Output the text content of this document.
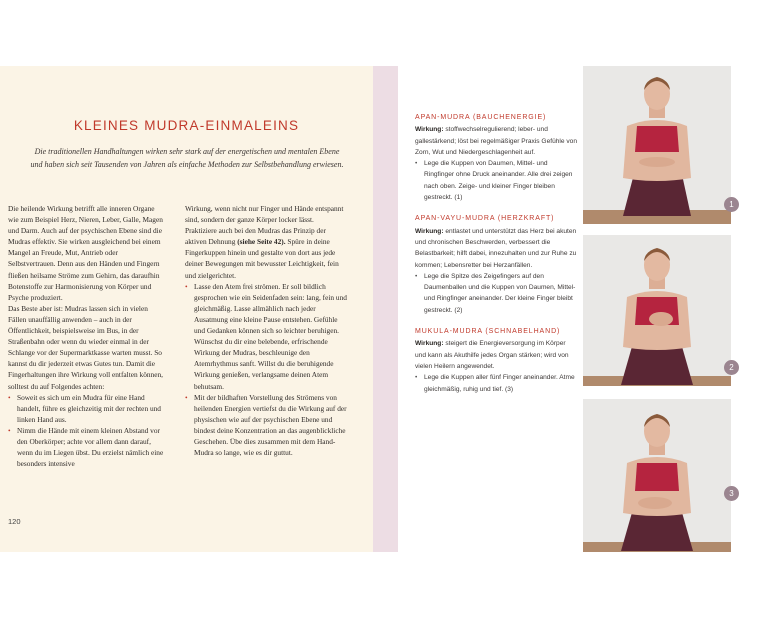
KLEINES MUDRA-EINMALEINS
Die traditionellen Handhaltungen wirken sehr stark auf der energetischen und mentalen Ebene und haben sich seit Tausenden von Jahren als einfache Methoden zur Selbstbehandlung erwiesen.

Die heilende Wirkung betrifft alle inneren Organe wie zum Beispiel Herz, Nieren, Leber, Galle, Magen und Darm. Auch auf der psychischen Ebene sind die Mudras effektiv. Sie wirken ausgleichend bei einem Mangel an Freude, Mut, Antrieb oder Selbstvertrauen. Denn aus den Händen und Fingern fließen heilsame Ströme zum Gehirn, das daraufhin Botenstoffe zur Harmonisierung von Körper und Psyche produziert.

Das Beste aber ist: Mudras lassen sich in vielen Fällen unauffällig anwenden – auch in der Öffentlichkeit, beispielsweise im Bus, in der Straßenbahn oder wenn du wieder einmal in der Schlange vor der Supermarktkasse warten musst. So kannst du dir jederzeit etwas Gutes tun. Damit die Fingerhaltungen ihre Wirkung voll entfalten können, solltest du auf Folgendes achten:

• Soweit es sich um ein Mudra für eine Hand handelt, führe es gleichzeitig mit der rechten und linken Hand aus.

• Nimm die Hände mit einem kleinen Abstand vor den Oberkörper; achte vor allem dann darauf, wenn du im Liegen übst. Du erzielst nämlich eine besonders intensive

Wirkung, wenn nicht nur Finger und Hände entspannt sind, sondern der ganze Körper locker lässt. Praktiziere auch bei den Mudras das Prinzip der aktiven Dehnung (siehe Seite 42). Spüre in deine Fingerkuppen hinein und gestalte von dort aus jede deiner Bewegungen mit bewusster Leichtigkeit, fein und zielgerichtet.

• Lasse den Atem frei strömen. Er soll bildlich gesprochen wie ein Seidenfaden sein: lang, fein und gleichmäßig. Lasse allmählich nach jeder Ausatmung eine kleine Pause entstehen. Gefühle und Gedanken können sich so leichter beruhigen. Wünschst du dir eine belebende, erfrischende Wirkung der Mudras, beschleunige den Atemrhythmus sanft. Willst du die beruhigende Wirkung genießen, verlangsame deinen Atem behutsam.

• Mit der bildhaften Vorstellung des Strömens von heilenden Energien vertiefst du die Wirkung auf der physischen wie auf der psychischen Ebene und bindest deine Konzentration an das augenblickliche Geschehen. Übe dies zusammen mit dem Hand-Mudra so lange, wie es dir guttut.

120
APAN-MUDRA (BAUCHENERGIE)
Wirkung: stoffwechselregulierend; leber- und gallestärkend; löst bei regelmäßiger Praxis Gefühle von Zorn, Wut und Niedergeschlagenheit auf.
• Lege die Kuppen von Daumen, Mittel- und Ringfinger ohne Druck aneinander. Alle drei zeigen nach oben. Zeige- und kleiner Finger bleiben gestreckt. (1)
APAN-VAYU-MUDRA (HERZKRAFT)
Wirkung: entlastet und unterstützt das Herz bei akuten und chronischen Beschwerden, verbessert die Belastbarkeit; hilft dabei, innezuhalten und zur Ruhe zu kommen; Lebensretter bei Herzanfällen.
• Lege die Spitze des Zeigefingers auf den Daumenballen und die Kuppen von Daumen, Mittel- und Ringfinger aneinander. Der kleine Finger bleibt gestreckt. (2)
MUKULA-MUDRA (SCHNABELHAND)
Wirkung: steigert die Energieversorgung im Körper und kann als Akuthilfe jedes Organ stärken; wird von vielen Heilern angewendet.
• Lege die Kuppen aller fünf Finger aneinander. Atme gleichmäßig, ruhig und tief. (3)
1
2
3
